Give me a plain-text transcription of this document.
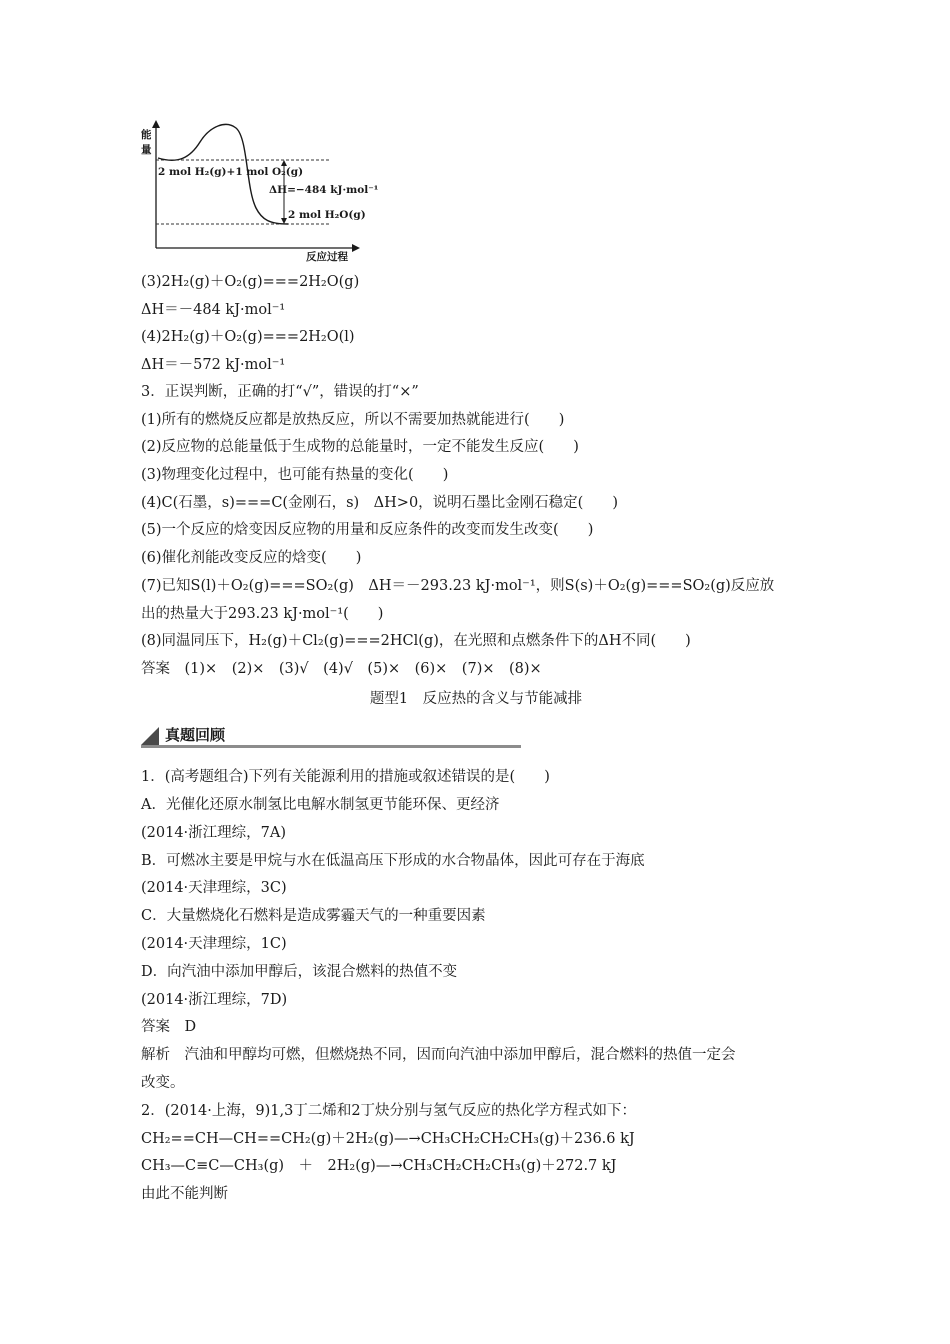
能
量
2 mol H₂(g)+1 mol O₂(g)
ΔH=−484 kJ·mol⁻¹
2 mol H₂O(g)
反应过程
(3)2H₂(g)＋O₂(g)===2H₂O(g)
ΔH＝－484 kJ·mol⁻¹
(4)2H₂(g)＋O₂(g)===2H₂O(l)
ΔH＝－572 kJ·mol⁻¹
3．正误判断，正确的打“√”，错误的打“×”
(1)所有的燃烧反应都是放热反应，所以不需要加热就能进行(　　)
(2)反应物的总能量低于生成物的总能量时，一定不能发生反应(　　)
(3)物理变化过程中，也可能有热量的变化(　　)
(4)C(石墨，s)===C(金刚石，s)　ΔH>0，说明石墨比金刚石稳定(　　)
(5)一个反应的焓变因反应物的用量和反应条件的改变而发生改变(　　)
(6)催化剂能改变反应的焓变(　　)
(7)已知S(l)＋O₂(g)===SO₂(g)　ΔH＝－293.23 kJ·mol⁻¹，则S(s)＋O₂(g)===SO₂(g)反应放
出的热量大于293.23 kJ·mol⁻¹(　　)
(8)同温同压下，H₂(g)＋Cl₂(g)===2HCl(g)，在光照和点燃条件下的ΔH不同(　　)
答案　(1)×　(2)×　(3)√　(4)√　(5)×　(6)×　(7)×　(8)×
题型1　反应热的含义与节能减排
真题回顾
1．(高考题组合)下列有关能源利用的措施或叙述错误的是(　　)
A．光催化还原水制氢比电解水制氢更节能环保、更经济
(2014·浙江理综，7A)
B．可燃冰主要是甲烷与水在低温高压下形成的水合物晶体，因此可存在于海底
(2014·天津理综，3C)
C．大量燃烧化石燃料是造成雾霾天气的一种重要因素
(2014·天津理综，1C)
D．向汽油中添加甲醇后，该混合燃料的热值不变
(2014·浙江理综，7D)
答案　D
解析　汽油和甲醇均可燃，但燃烧热不同，因而向汽油中添加甲醇后，混合燃料的热值一定会
改变。
2．(2014·上海，9)1,3丁二烯和2丁炔分别与氢气反应的热化学方程式如下：
CH₂==CH—CH==CH₂(g)＋2H₂(g)—→CH₃CH₂CH₂CH₃(g)＋236.6 kJ
CH₃—C≡C—CH₃(g)　＋　2H₂(g)—→CH₃CH₂CH₂CH₃(g)＋272.7 kJ
由此不能判断
